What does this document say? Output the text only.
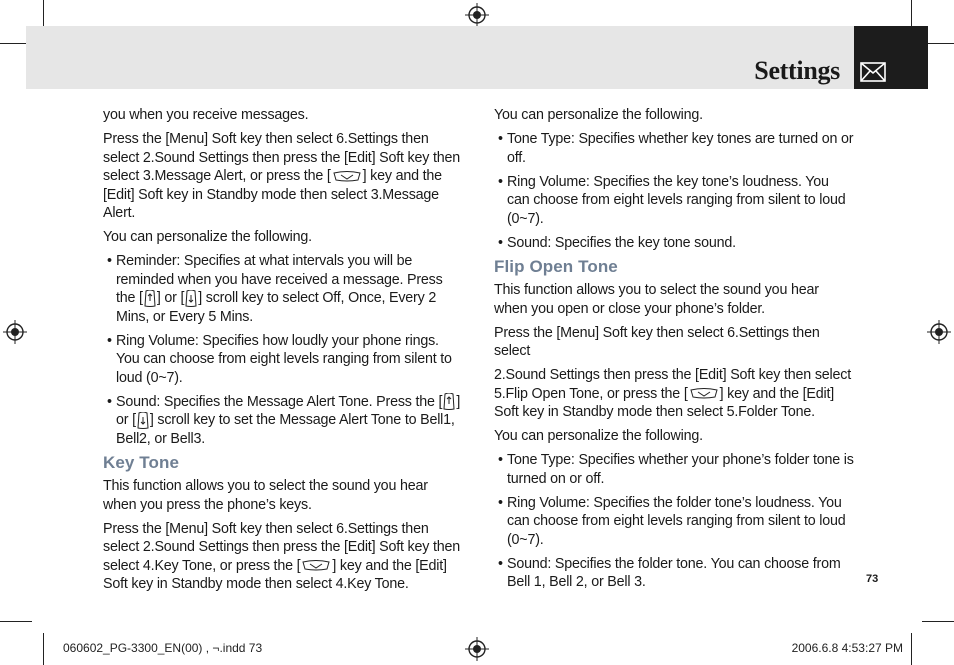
Settings

you when you receive messages.

Press the [Menu] Soft key then select 6.Settings then select 2.Sound Settings then press the [Edit] Soft key then select 3.Message Alert, or press the [ ] key and the [Edit] Soft key in Standby mode then select 3.Message Alert.

You can personalize the following.

• Reminder: Specifies at what intervals you will be reminded when you have received a message. Press the [ ] or [ ] scroll key to select Off, Once, Every 2 Mins, or Every 5 Mins.
• Ring Volume: Specifies how loudly your phone rings. You can choose from eight levels ranging from silent to loud (0~7).
• Sound: Specifies the Message Alert Tone. Press the [ ] or [ ] scroll key to set the Message Alert Tone to Bell1, Bell2, or Bell3.
Key Tone

This function allows you to select the sound you hear when you press the phone’s keys.

Press the [Menu] Soft key then select 6.Settings then select 2.Sound Settings then press the [Edit] Soft key then select 4.Key Tone, or press the [ ] key and the [Edit] Soft key in Standby mode then select 4.Key Tone.

You can personalize the following.

• Tone Type: Specifies whether key tones are turned on or off.
• Ring Volume: Specifies the key tone’s loudness. You can choose from eight levels ranging from silent to loud (0~7).
• Sound: Specifies the key tone sound.
Flip Open Tone

This function allows you to select the sound you hear when you open or close your phone’s folder.

Press the [Menu] Soft key then select 6.Settings then select

2.Sound Settings then press the [Edit] Soft key then select 5.Flip Open Tone, or press the [ ] key and the [Edit] Soft key in Standby mode then select 5.Folder Tone.

You can personalize the following.

• Tone Type: Specifies whether your phone’s folder tone is turned on or off.
• Ring Volume: Specifies the folder tone’s loudness. You can choose from eight levels ranging from silent to loud (0~7).
• Sound: Specifies the folder tone. You can choose from Bell 1, Bell 2, or Bell 3.	73
060602_PG-3300_EN(00) , ¬.indd 73	2006.6.8 4:53:27 PM
